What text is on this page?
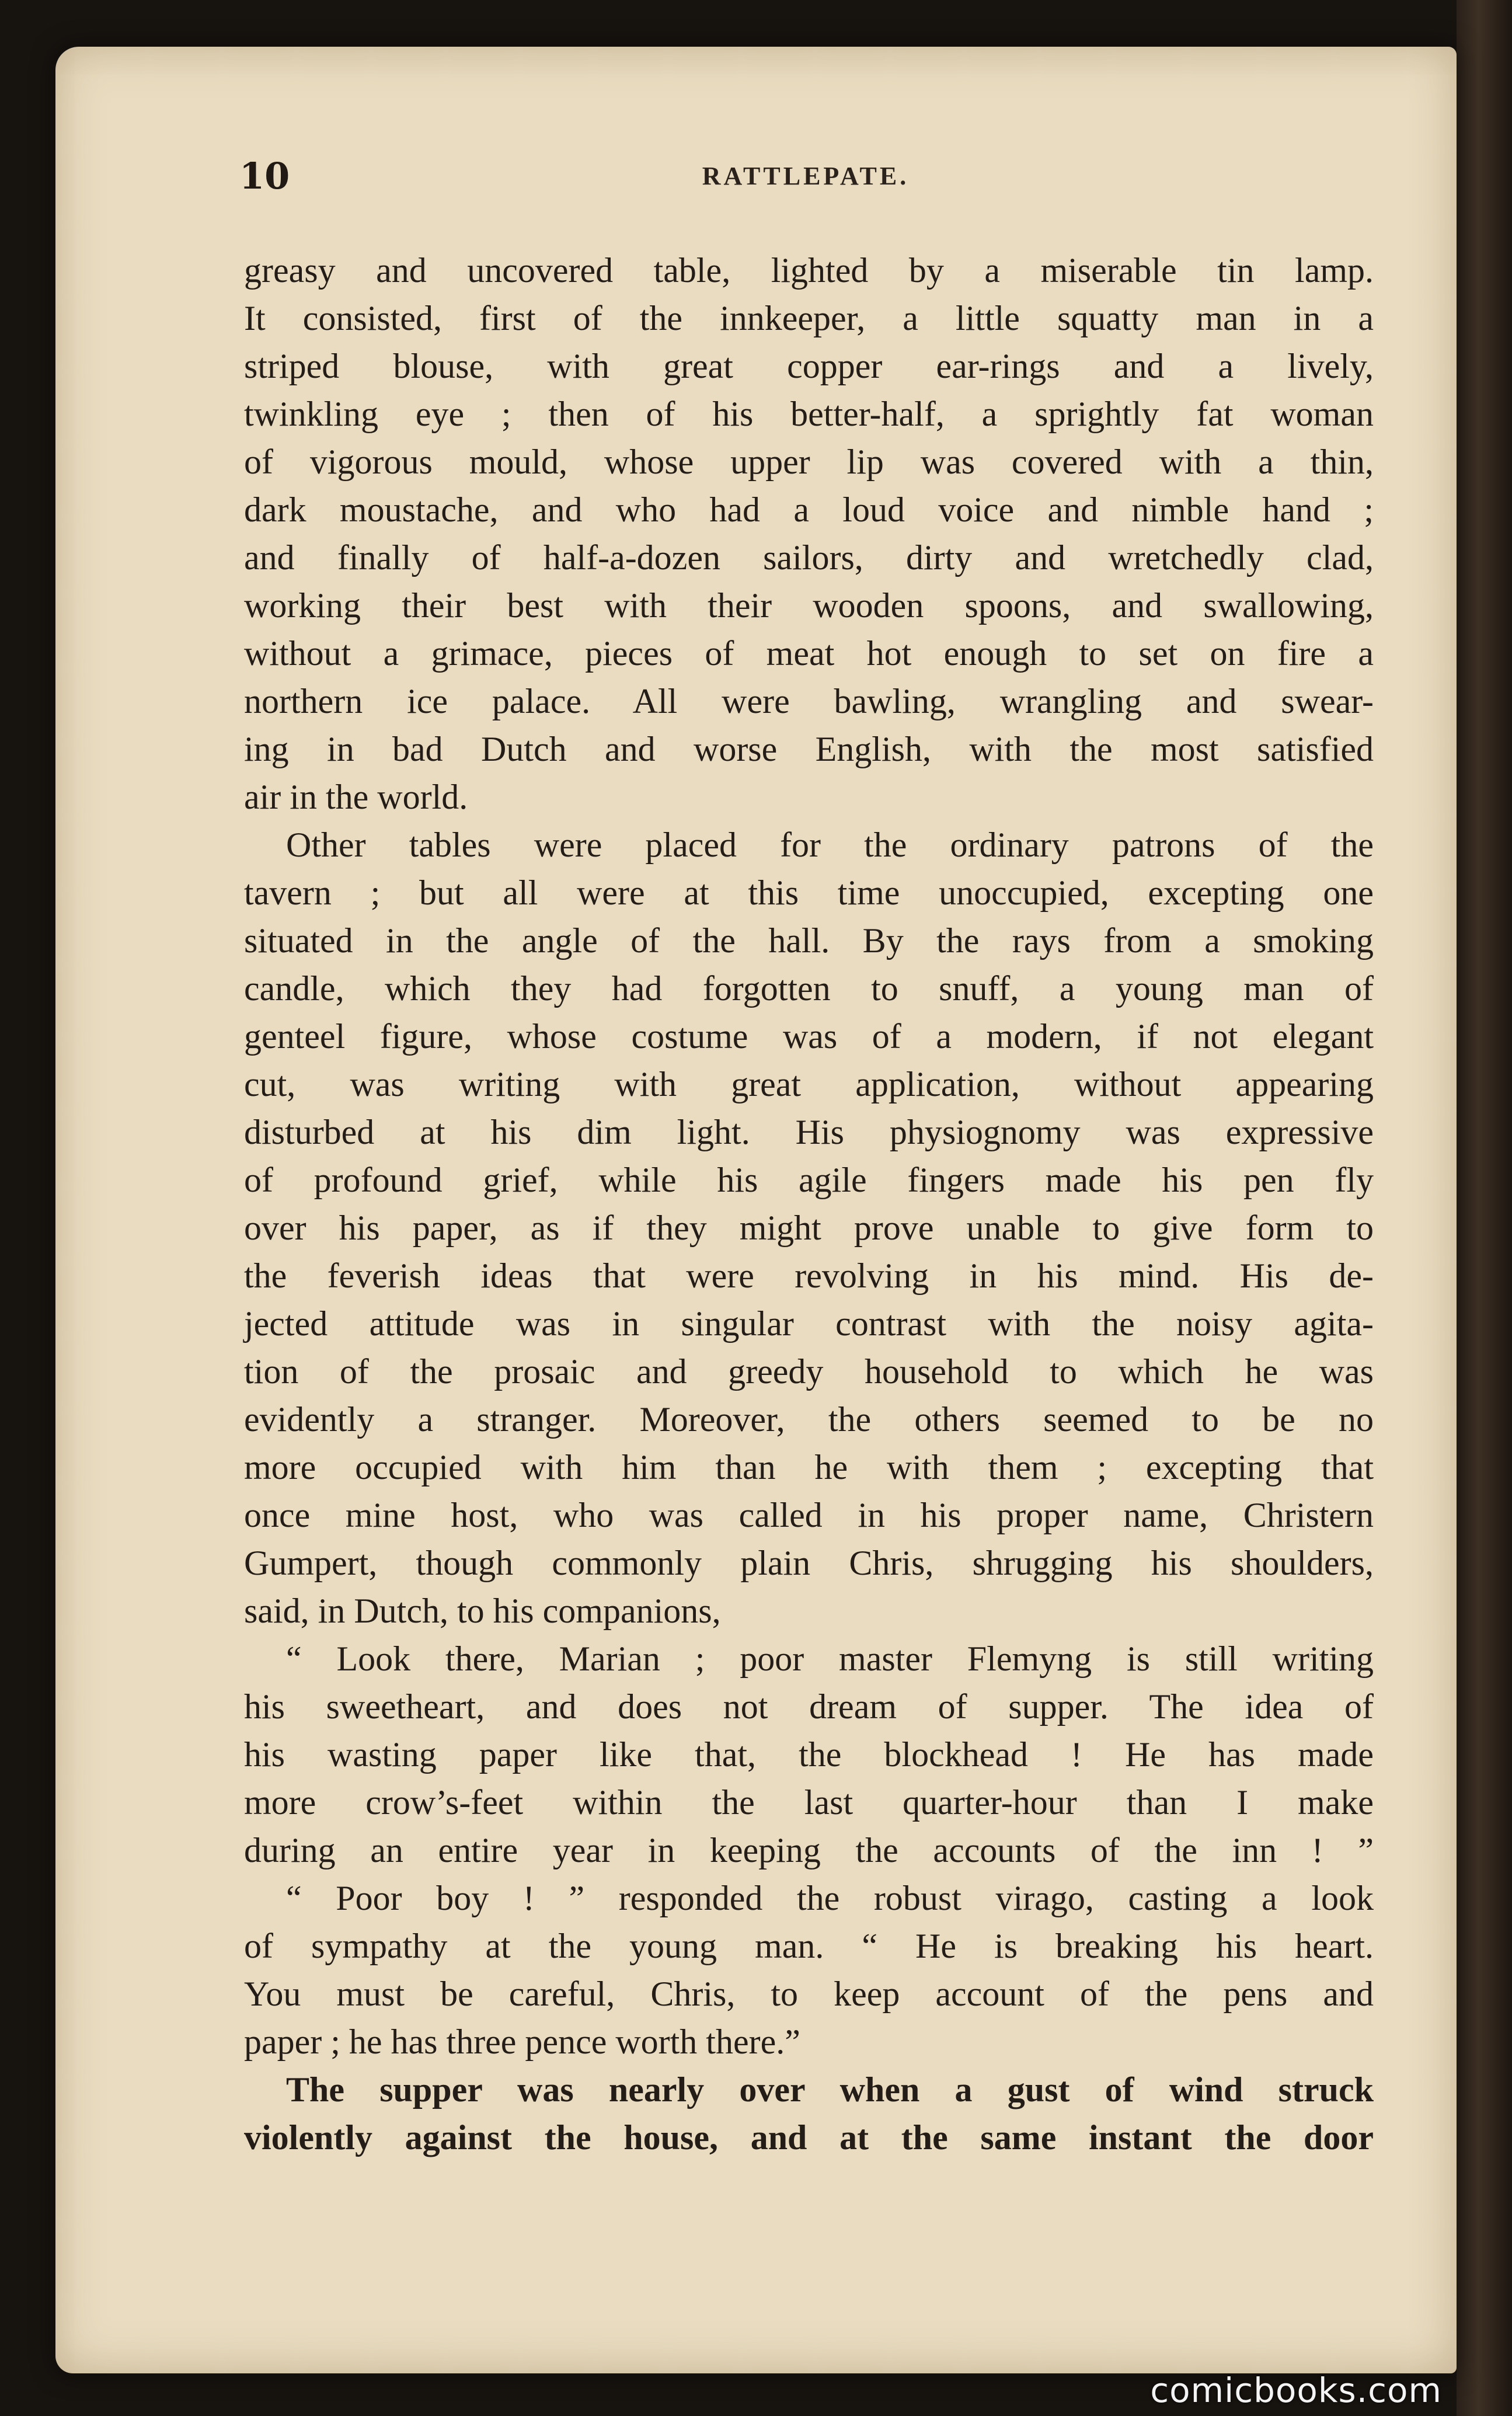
10	RATTLEPATE.
greasy and uncovered table, lighted by a miserable tin lamp.
It consisted, first of the innkeeper, a little squatty man in a
striped blouse, with great copper ear-rings and a lively,
twinkling eye ; then of his better-half, a sprightly fat woman
of vigorous mould, whose upper lip was covered with a thin,
dark moustache, and who had a loud voice and nimble hand ;
and finally of half-a-dozen sailors, dirty and wretchedly clad,
working their best with their wooden spoons, and swallowing,
without a grimace, pieces of meat hot enough to set on fire a
northern ice palace. All were bawling, wrangling and swear-
ing in bad Dutch and worse English, with the most satisfied
air in the world.
Other tables were placed for the ordinary patrons of the
tavern ; but all were at this time unoccupied, excepting one
situated in the angle of the hall. By the rays from a smoking
candle, which they had forgotten to snuff, a young man of
genteel figure, whose costume was of a modern, if not elegant
cut, was writing with great application, without appearing
disturbed at his dim light. His physiognomy was expressive
of profound grief, while his agile fingers made his pen fly
over his paper, as if they might prove unable to give form to
the feverish ideas that were revolving in his mind. His de-
jected attitude was in singular contrast with the noisy agita-
tion of the prosaic and greedy household to which he was
evidently a stranger. Moreover, the others seemed to be no
more occupied with him than he with them ; excepting that
once mine host, who was called in his proper name, Christern
Gumpert, though commonly plain Chris, shrugging his shoulders,
said, in Dutch, to his companions,
“ Look there, Marian ; poor master Flemyng is still writing
his sweetheart, and does not dream of supper. The idea of
his wasting paper like that, the blockhead ! He has made
more crow’s-feet within the last quarter-hour than I make
during an entire year in keeping the accounts of the inn ! ”
“ Poor boy ! ” responded the robust virago, casting a look
of sympathy at the young man. “ He is breaking his heart.
You must be careful, Chris, to keep account of the pens and
paper ; he has three pence worth there.”
The supper was nearly over when a gust of wind struck
violently against the house, and at the same instant the door
comicbooks.com
